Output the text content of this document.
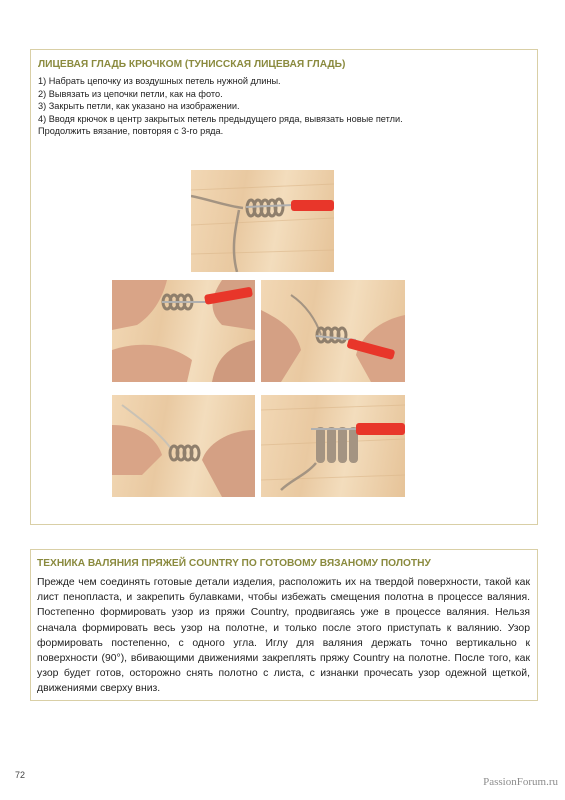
ЛИЦЕВАЯ ГЛАДЬ КРЮЧКОМ (ТУНИССКАЯ ЛИЦЕВАЯ ГЛАДЬ)
1) Набрать цепочку из воздушных петель нужной длины.
2) Вывязать из цепочки петли, как на фото.
3) Закрыть петли, как указано на изображении.
4) Вводя крючок в центр закрытых петель предыдущего ряда, вывязать новые петли.
Продолжить вязание, повторяя с 3-го ряда.
ТЕХНИКА ВАЛЯНИЯ ПРЯЖЕЙ COUNTRY ПО ГОТОВОМУ ВЯЗАНОМУ ПОЛОТНУ

Прежде чем соединять готовые детали изделия, расположить их на твердой поверхности, такой как лист пенопласта, и закрепить булавками, чтобы избежать смещения полотна в процессе валяния. Постепенно формировать узор из пряжи Country, продвигаясь уже в процессе валяния. Нельзя сначала формировать весь узор на полотне, и только после этого приступать к валянию. Узор формировать постепенно, с одного угла. Иглу для валяния держать точно вертикально к поверхности (90°), вбивающими движениями закреплять пряжу Country на полотне. После того, как узор будет готов, осторожно снять полотно с листа, с изнанки прочесать узор одежной щеткой, движениями сверху вниз.

72
PassionForum.ru
